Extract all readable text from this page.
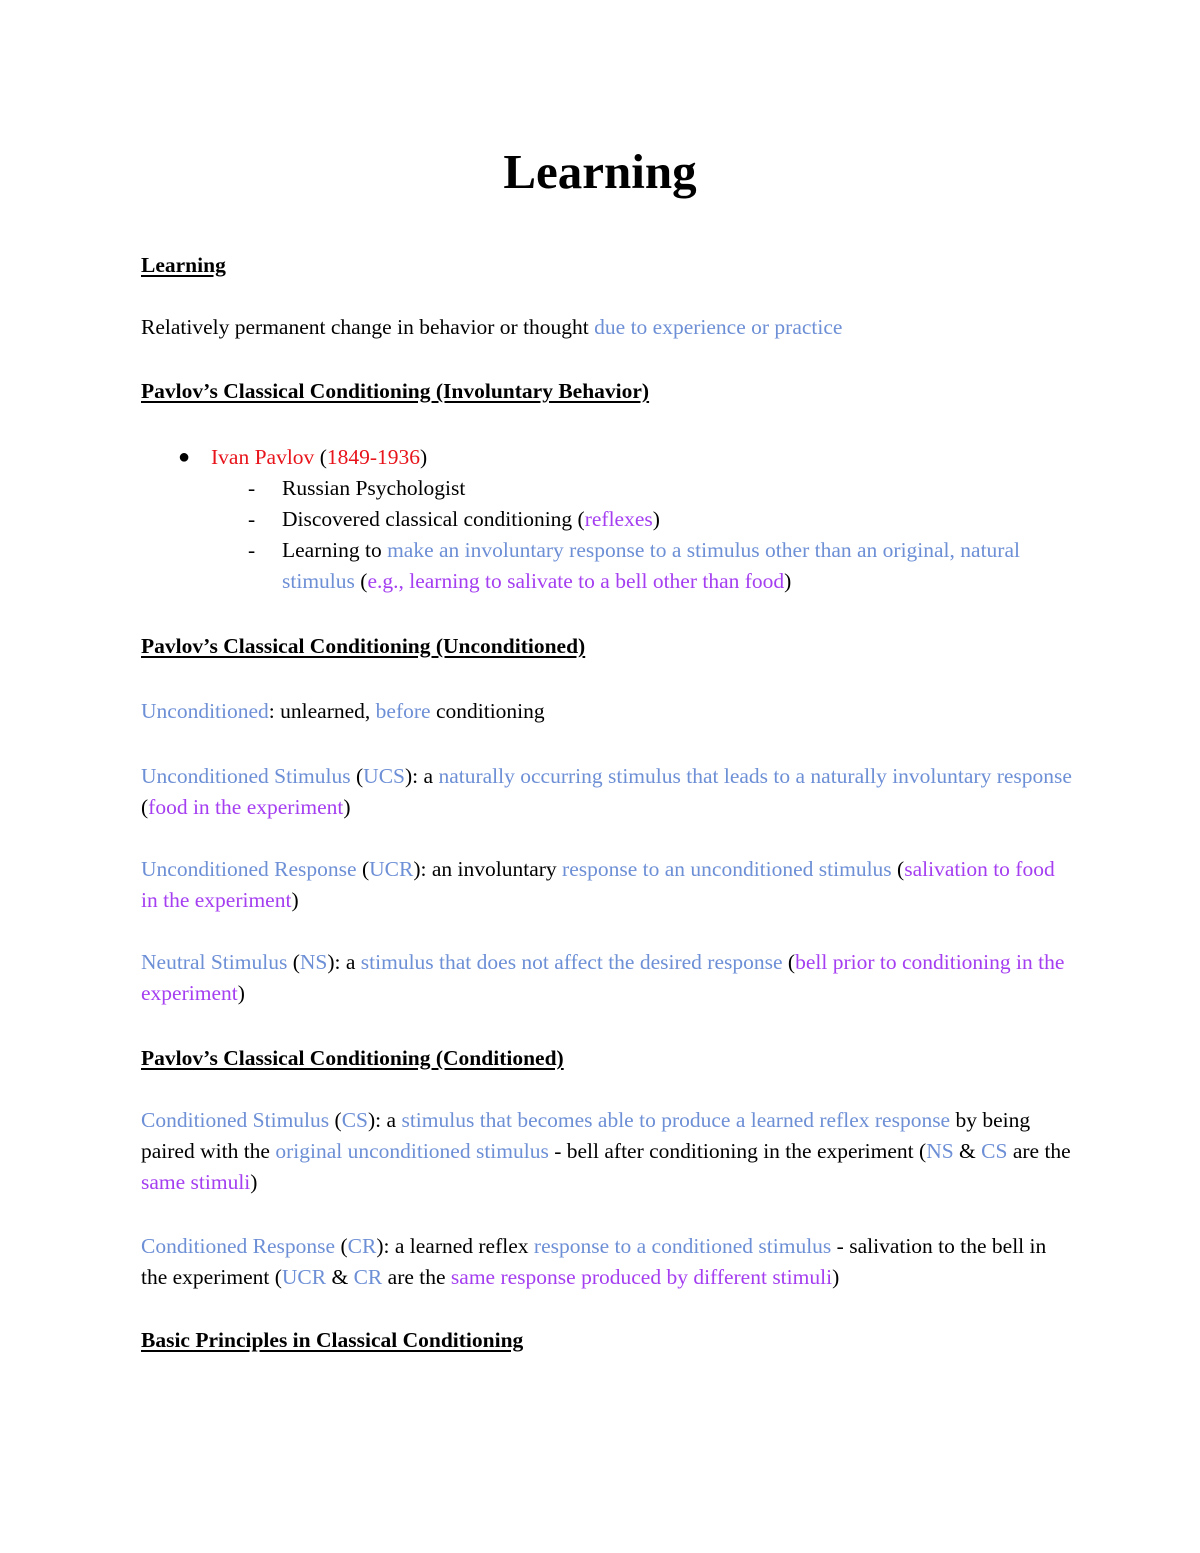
Learning
Learning
Relatively permanent change in behavior or thought due to experience or practice
Pavlov’s Classical Conditioning (Involuntary Behavior)
● Ivan Pavlov (1849-1936)
- Russian Psychologist
- Discovered classical conditioning (reflexes)
- Learning to make an involuntary response to a stimulus other than an original, natural stimulus (e.g., learning to salivate to a bell other than food)
Pavlov’s Classical Conditioning (Unconditioned)
Unconditioned: unlearned, before conditioning
Unconditioned Stimulus (UCS): a naturally occurring stimulus that leads to a naturally involuntary response (food in the experiment)
Unconditioned Response (UCR): an involuntary response to an unconditioned stimulus (salivation to food in the experiment)
Neutral Stimulus (NS): a stimulus that does not affect the desired response (bell prior to conditioning in the experiment)
Pavlov’s Classical Conditioning (Conditioned)
Conditioned Stimulus (CS): a stimulus that becomes able to produce a learned reflex response by being paired with the original unconditioned stimulus - bell after conditioning in the experiment (NS & CS are the same stimuli)
Conditioned Response (CR): a learned reflex response to a conditioned stimulus - salivation to the bell in the experiment (UCR & CR are the same response produced by different stimuli)
Basic Principles in Classical Conditioning
